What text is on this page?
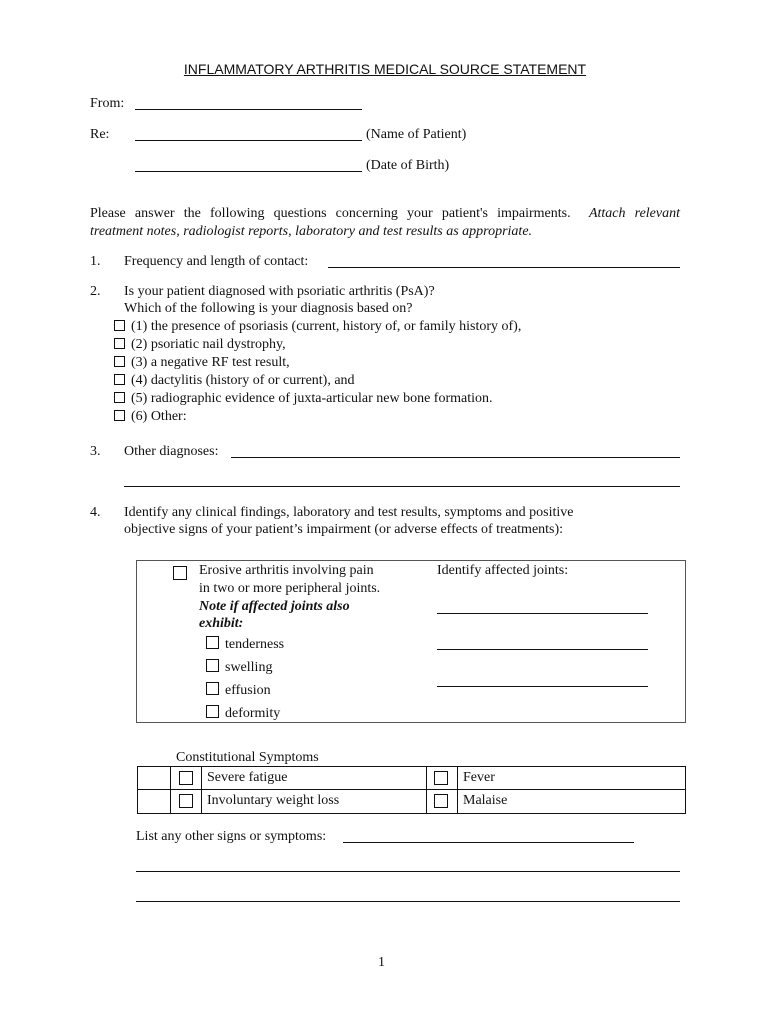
INFLAMMATORY ARTHRITIS MEDICAL SOURCE STATEMENT
From:
Re:	(Name of Patient)
(Date of Birth)
Please answer the following questions concerning your patient's impairments. Attach relevant
treatment notes, radiologist reports, laboratory and test results as appropriate.
1. Frequency and length of contact:
2. Is your patient diagnosed with psoriatic arthritis (PsA)?
Which of the following is your diagnosis based on?
(1) the presence of psoriasis (current, history of, or family history of),
(2) psoriatic nail dystrophy,
(3) a negative RF test result,
(4) dactylitis (history of or current), and
(5) radiographic evidence of juxta-articular new bone formation.
(6) Other:
3. Other diagnoses:
4. Identify any clinical findings, laboratory and test results, symptoms and positive
objective signs of your patient’s impairment (or adverse effects of treatments):
Erosive arthritis involving pain
in two or more peripheral joints.
Note if affected joints also
exhibit:
tenderness
swelling
effusion
deformity
Identify affected joints:
Constitutional Symptoms
Severe fatigue	Fever
Involuntary weight loss	Malaise
List any other signs or symptoms:
1
